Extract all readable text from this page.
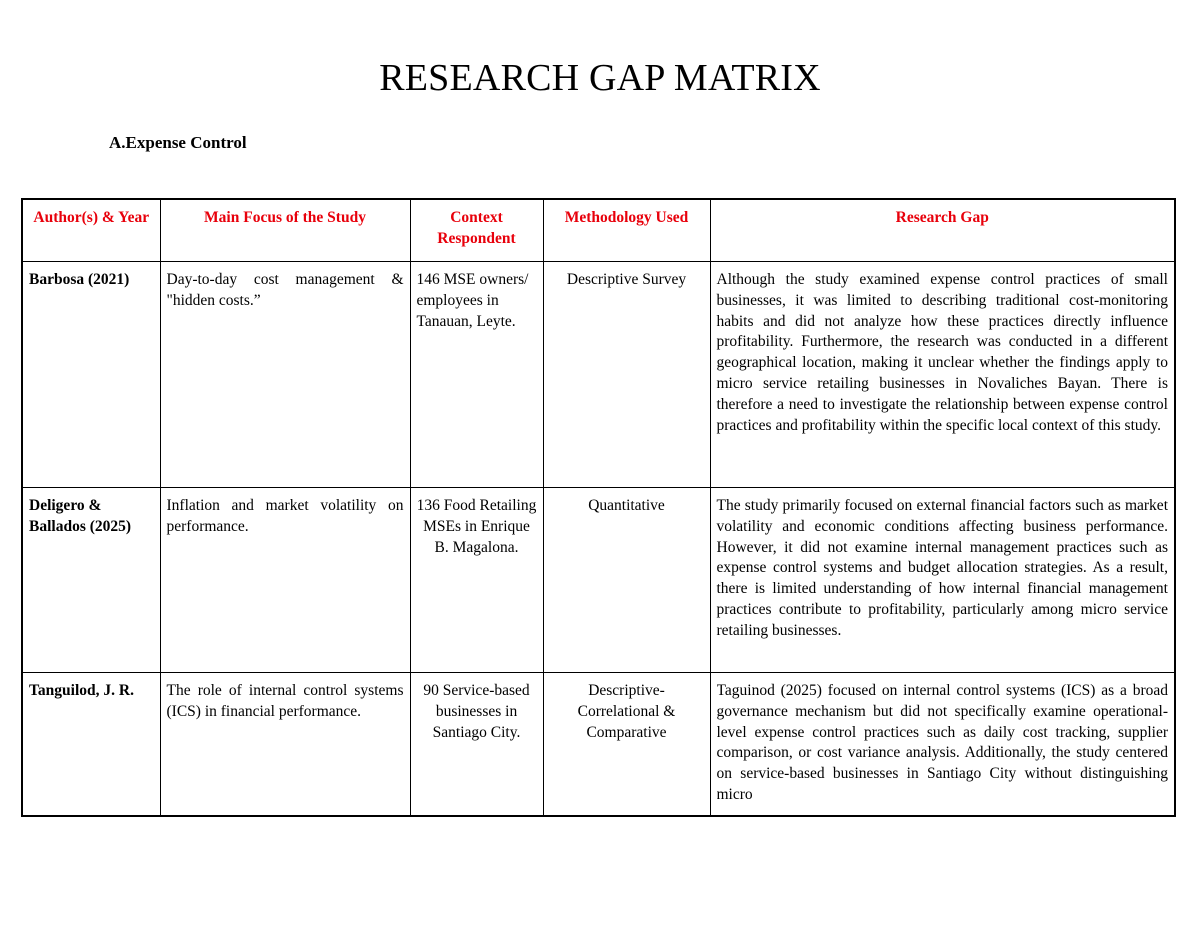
RESEARCH GAP MATRIX
A.Expense Control
Author(s) & Year	Main Focus of the Study	Context Respondent	Methodology Used	Research Gap
Barbosa (2021)	Day-to-day cost management & "hidden costs.”	146 MSE owners/ employees in Tanauan, Leyte.	Descriptive Survey	Although the study examined expense control practices of small businesses, it was limited to describing traditional cost-monitoring habits and did not analyze how these practices directly influence profitability. Furthermore, the research was conducted in a different geographical location, making it unclear whether the findings apply to micro service retailing businesses in Novaliches Bayan. There is therefore a need to investigate the relationship between expense control practices and profitability within the specific local context of this study.
Deligero & Ballados (2025)	Inflation and market volatility on performance.	136 Food Retailing MSEs in Enrique B. Magalona.	Quantitative	The study primarily focused on external financial factors such as market volatility and economic conditions affecting business performance. However, it did not examine internal management practices such as expense control systems and budget allocation strategies. As a result, there is limited understanding of how internal financial management practices contribute to profitability, particularly among micro service retailing businesses.
Tanguilod, J. R.	The role of internal control systems (ICS) in financial performance.	90 Service-based businesses in Santiago City.	Descriptive-Correlational & Comparative	Taguinod (2025) focused on internal control systems (ICS) as a broad governance mechanism but did not specifically examine operational-level expense control practices such as daily cost tracking, supplier comparison, or cost variance analysis. Additionally, the study centered on service-based businesses in Santiago City without distinguishing micro
